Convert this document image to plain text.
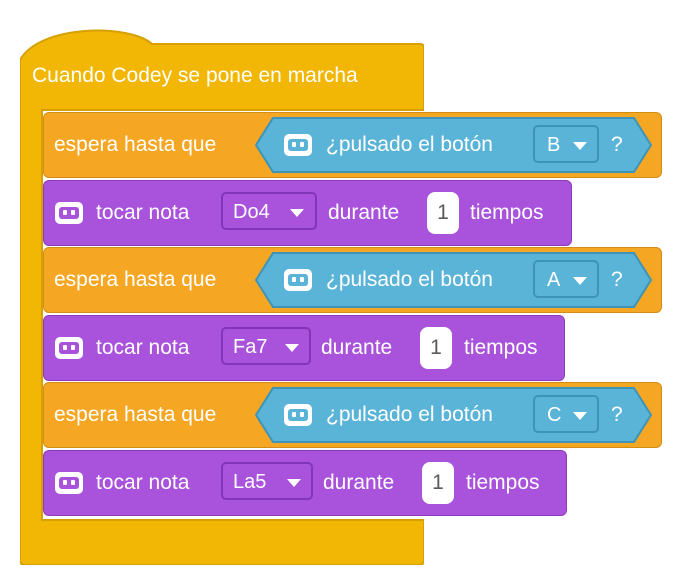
Cuando Codey se pone en marcha
espera hasta que	¿pulsado el botón	B ?
tocar nota Do4	durante	1	tiempos
espera hasta que	¿pulsado el botón	A ?
tocar nota Fa7	durante	1	tiempos
espera hasta que	¿pulsado el botón	C ?
tocar nota La5	durante	1	tiempos
